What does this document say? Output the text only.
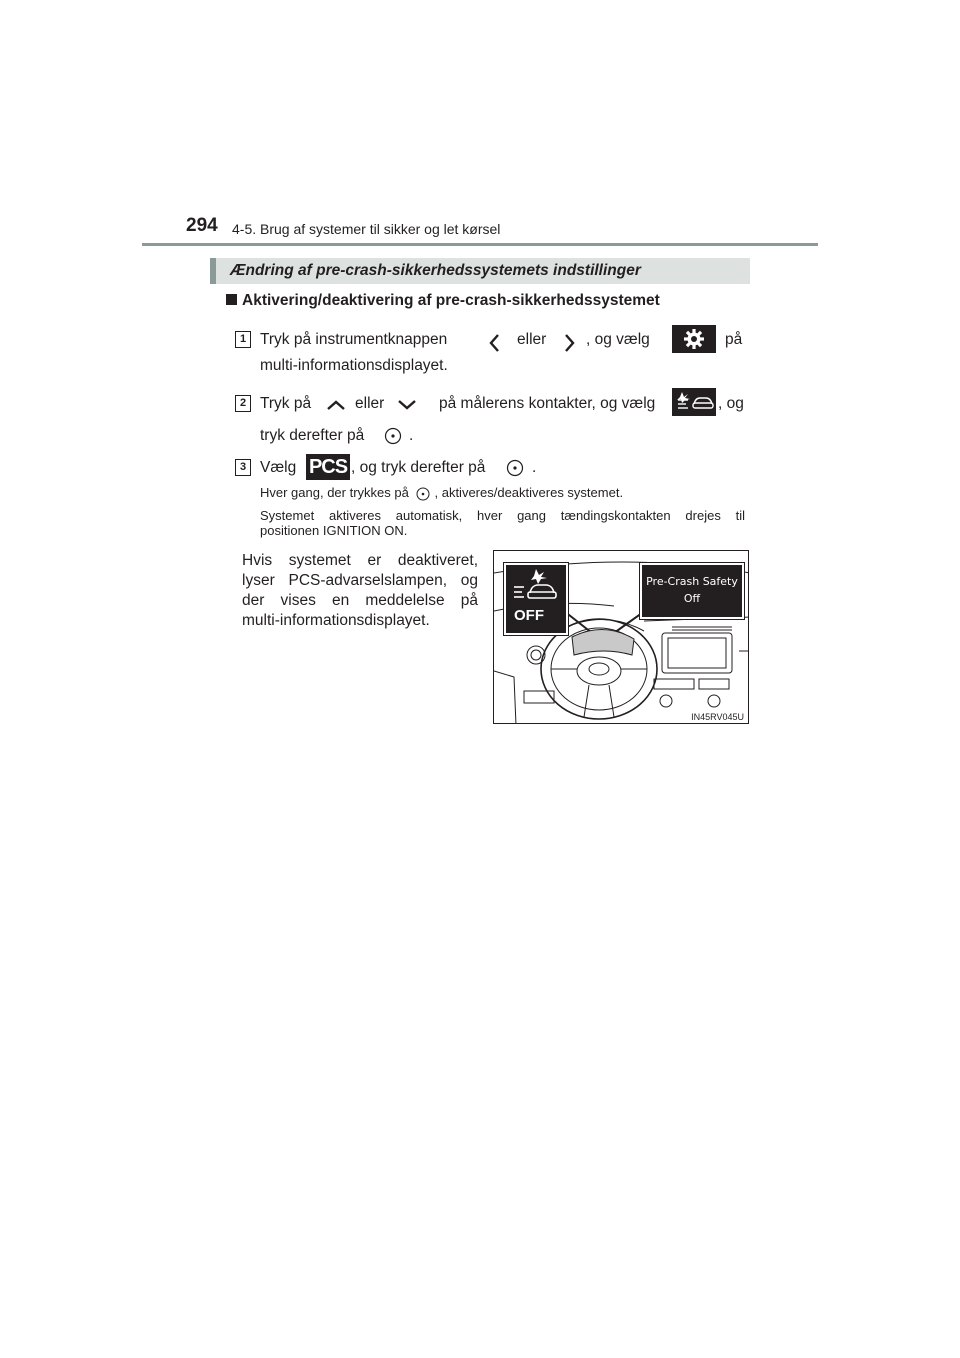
294 4-5. Brug af systemer til sikker og let kørsel
Ændring af pre-crash-sikkerhedssystemets indstillinger
Aktivering/deaktivering af pre-crash-sikkerhedssystemet
1 Tryk på instrumentknappen	eller	, og vælg	på
multi-informationsdisplayet.
2 Tryk på	eller	på målerens kontakter, og vælg	, og
tryk derefter på	.
3 Vælg	, og tryk derefter på	.
PCS
Hver gang, der trykkes på , aktiveres/deaktiveres systemet.
Systemet aktiveres automatisk, hver gang tændingskontakten drejes til
positionen IGNITION ON.
Hvis systemet er deaktiveret,
lyser PCS-advarselslampen, og
der vises en meddelelse på
multi-informationsdisplayet.
IN45RV045U
OFF
Pre-Crash Safety
Off
